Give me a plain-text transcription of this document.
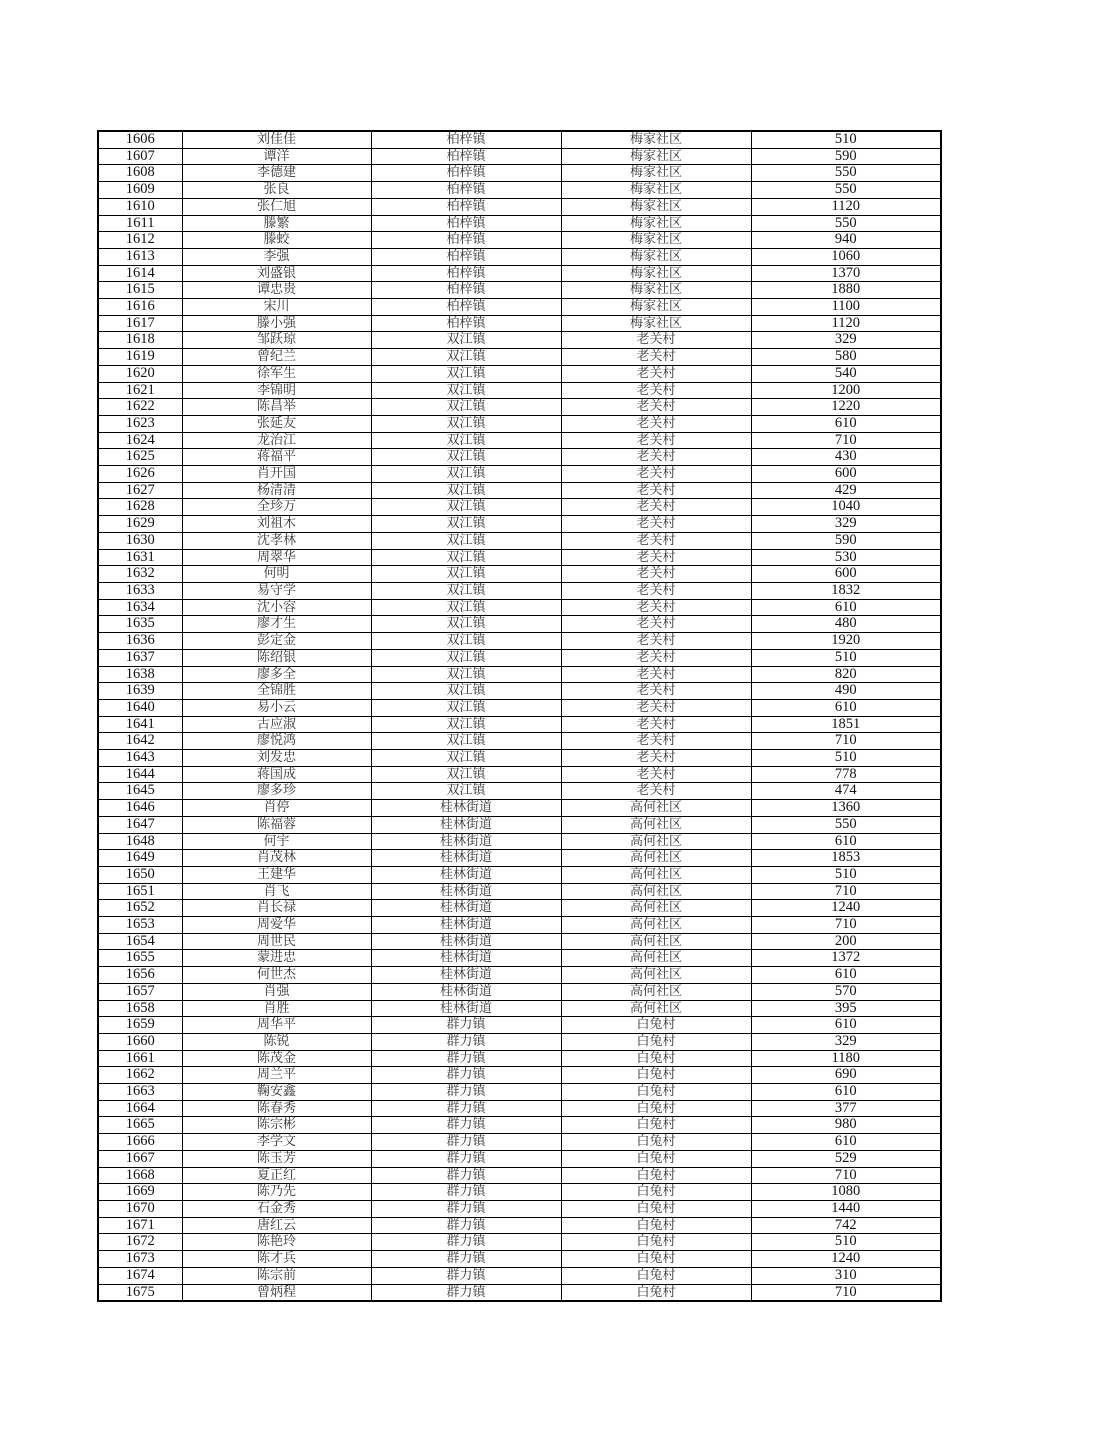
1606	刘佳佳	柏梓镇	梅家社区	510
1607	谭洋	柏梓镇	梅家社区	590
1608	李德建	柏梓镇	梅家社区	550
1609	张良	柏梓镇	梅家社区	550
1610	张仁旭	柏梓镇	梅家社区	1120
1611	滕繁	柏梓镇	梅家社区	550
1612	滕蛟	柏梓镇	梅家社区	940
1613	李强	柏梓镇	梅家社区	1060
1614	刘盛银	柏梓镇	梅家社区	1370
1615	谭忠贵	柏梓镇	梅家社区	1880
1616	宋川	柏梓镇	梅家社区	1100
1617	滕小强	柏梓镇	梅家社区	1120
1618	邹跃琼	双江镇	老关村	329
1619	曾纪兰	双江镇	老关村	580
1620	徐军生	双江镇	老关村	540
1621	李锦明	双江镇	老关村	1200
1622	陈昌举	双江镇	老关村	1220
1623	张延友	双江镇	老关村	610
1624	龙治江	双江镇	老关村	710
1625	蒋福平	双江镇	老关村	430
1626	肖开国	双江镇	老关村	600
1627	杨清清	双江镇	老关村	429
1628	全珍万	双江镇	老关村	1040
1629	刘祖木	双江镇	老关村	329
1630	沈孝林	双江镇	老关村	590
1631	周翠华	双江镇	老关村	530
1632	何明	双江镇	老关村	600
1633	易守学	双江镇	老关村	1832
1634	沈小容	双江镇	老关村	610
1635	廖才生	双江镇	老关村	480
1636	彭定金	双江镇	老关村	1920
1637	陈绍银	双江镇	老关村	510
1638	廖多全	双江镇	老关村	820
1639	全锦胜	双江镇	老关村	490
1640	易小云	双江镇	老关村	610
1641	古应淑	双江镇	老关村	1851
1642	廖悦鸿	双江镇	老关村	710
1643	刘发忠	双江镇	老关村	510
1644	蒋国成	双江镇	老关村	778
1645	廖多珍	双江镇	老关村	474
1646	肖停	桂林街道	高何社区	1360
1647	陈福蓉	桂林街道	高何社区	550
1648	何宇	桂林街道	高何社区	610
1649	肖茂林	桂林街道	高何社区	1853
1650	王建华	桂林街道	高何社区	510
1651	肖飞	桂林街道	高何社区	710
1652	肖长禄	桂林街道	高何社区	1240
1653	周爱华	桂林街道	高何社区	710
1654	周世民	桂林街道	高何社区	200
1655	蒙进忠	桂林街道	高何社区	1372
1656	何世杰	桂林街道	高何社区	610
1657	肖强	桂林街道	高何社区	570
1658	肖胜	桂林街道	高何社区	395
1659	周华平	群力镇	白兔村	610
1660	陈锐	群力镇	白兔村	329
1661	陈茂金	群力镇	白兔村	1180
1662	周兰平	群力镇	白兔村	690
1663	鞠安鑫	群力镇	白兔村	610
1664	陈春秀	群力镇	白兔村	377
1665	陈宗彬	群力镇	白兔村	980
1666	李学文	群力镇	白兔村	610
1667	陈玉芳	群力镇	白兔村	529
1668	夏正红	群力镇	白兔村	710
1669	陈乃先	群力镇	白兔村	1080
1670	石金秀	群力镇	白兔村	1440
1671	唐红云	群力镇	白兔村	742
1672	陈艳玲	群力镇	白兔村	510
1673	陈才兵	群力镇	白兔村	1240
1674	陈宗前	群力镇	白兔村	310
1675	曾炳程	群力镇	白兔村	710
